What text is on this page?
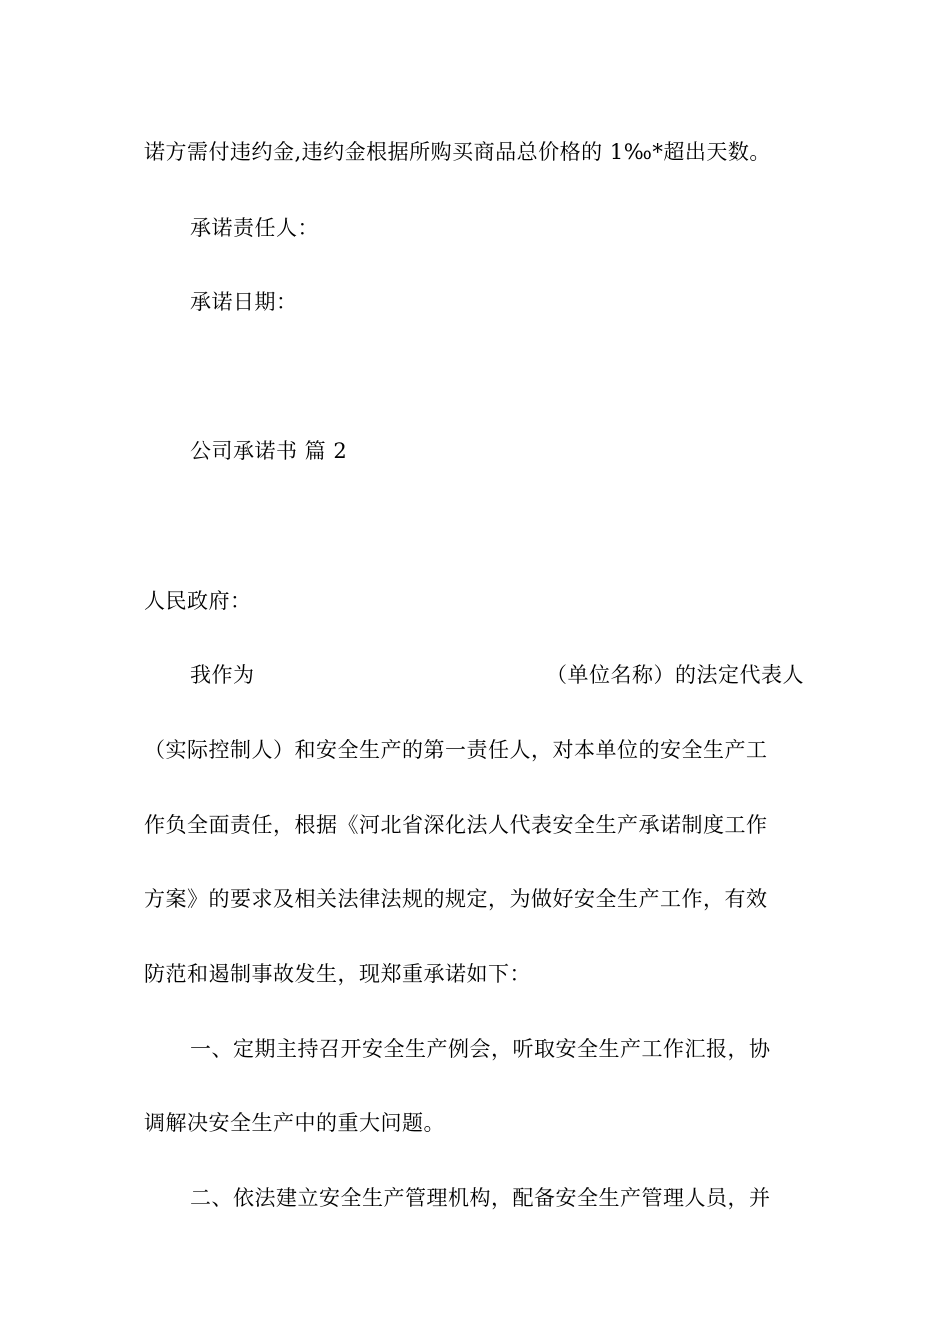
诺方需付违约金,违约金根据所购买商品总价格的 1‰*超出天数。
承诺责任人：
承诺日期：
公司承诺书 篇 2
人民政府：
我作为	（单位名称）的法定代表人
（实际控制人）和安全生产的第一责任人，对本单位的安全生产工
作负全面责任，根据《河北省深化法人代表安全生产承诺制度工作
方案》的要求及相关法律法规的规定，为做好安全生产工作，有效
防范和遏制事故发生，现郑重承诺如下：
一、定期主持召开安全生产例会，听取安全生产工作汇报，协
调解决安全生产中的重大问题。
二、依法建立安全生产管理机构，配备安全生产管理人员，并
